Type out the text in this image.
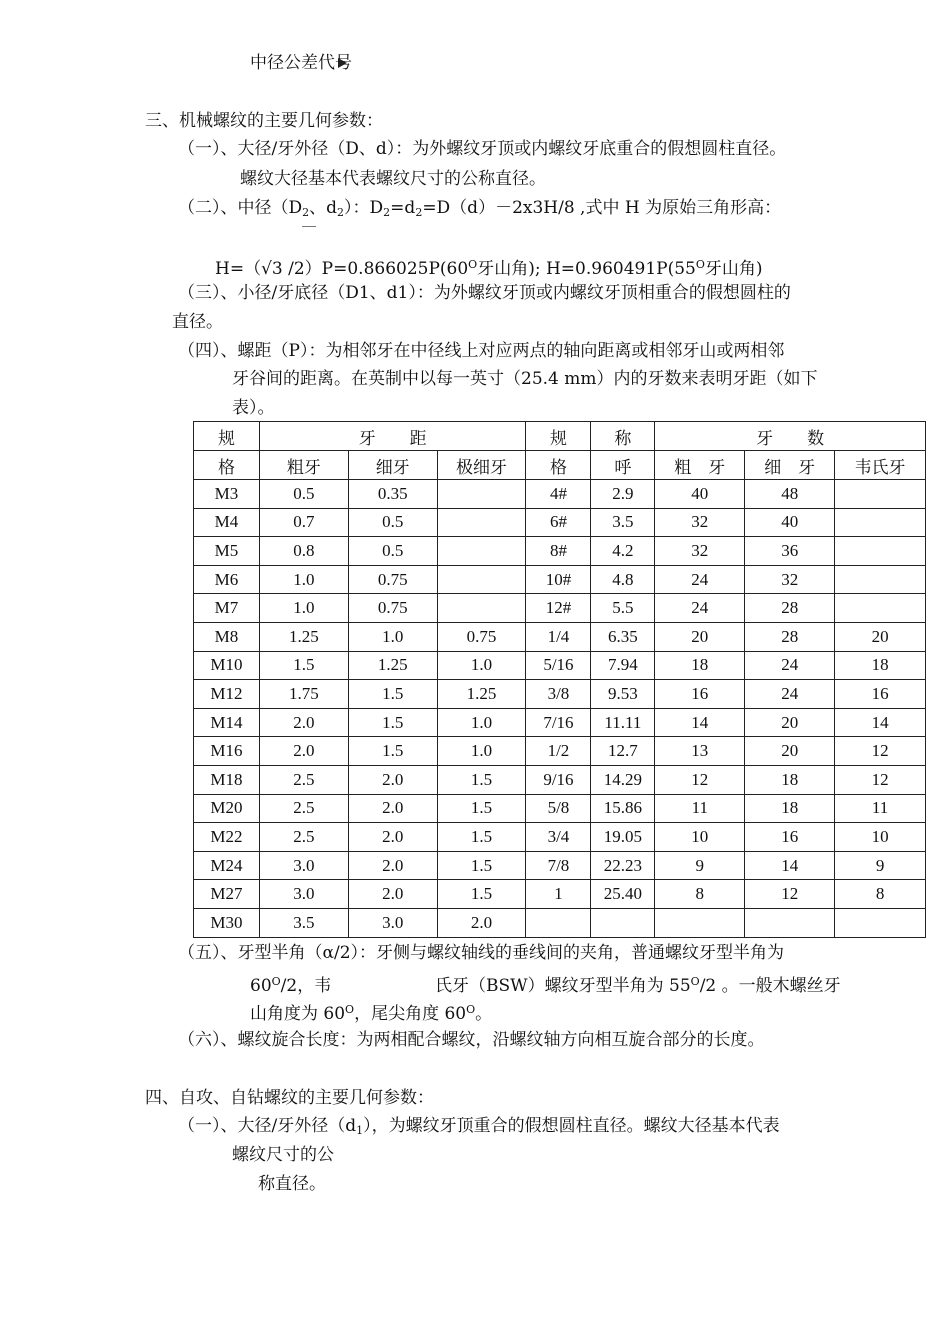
中径公差代号
三、机械螺纹的主要几何参数：
（一）、大径/牙外径（D、d）：为外螺纹牙顶或内螺纹牙底重合的假想圆柱直径。
螺纹大径基本代表螺纹尺寸的公称直径。
（二）、中径（$D_2$、$d_2$）：$D_2=d_2=D(d)-2x3H/8$ ,式中 H 为原始三角形高：
H=（√3 $/2)P=0.866025P(60^O$牙山角); $H=0.960491P(55^O$牙山角)
（三）、小径/牙底径（D1、d1）：为外螺纹牙顶或内螺纹牙顶相重合的假想圆柱的
直径。
（四）、螺距（P）：为相邻牙在中径线上对应两点的轴向距离或相邻牙山或两相邻
牙谷间的距离。在英制中以每一英寸（25.4 mm）内的牙数来表明牙距（如下
表）。
规	牙        距			规	称	牙        数		
格	粗牙	细牙	极细牙	格	呼	粗    牙	细    牙	韦氏牙
M3	0.5	0.35		4#	2.9	40	48	
M4	0.7	0.5		6#	3.5	32	40	
M5	0.8	0.5		8#	4.2	32	36	
M6	1.0	0.75		10#	4.8	24	32	
M7	1.0	0.75		12#	5.5	24	28	
M8	1.25	1.0	0.75	1/4	6.35	20	28	20
M10	1.5	1.25	1.0	5/16	7.94	18	24	18
M12	1.75	1.5	1.25	3/8	9.53	16	24	16
M14	2.0	1.5	1.0	7/16	11.11	14	20	14
M16	2.0	1.5	1.0	1/2	12.7	13	20	12
M18	2.5	2.0	1.5	9/16	14.29	12	18	12
M20	2.5	2.0	1.5	5/8	15.86	11	18	11
M22	2.5	2.0	1.5	3/4	19.05	10	16	10
M24	3.0	2.0	1.5	7/8	22.23	9	14	9
M27	3.0	2.0	1.5	1	25.40	8	12	8
M30	3.5	3.0	2.0					
（五）、牙型半角（α/2）：牙侧与螺纹轴线的垂线间的夹角，普通螺纹牙型半角为
$60^O/2$，韦	氏牙（BSW）螺纹牙型半角为 $55^O/2$ 。一般木螺丝牙
山角度为 $60^O$，尾尖角度 $60^O$。
（六）、螺纹旋合长度：为两相配合螺纹，沿螺纹轴方向相互旋合部分的长度。
四、自攻、自钻螺纹的主要几何参数：
（一）、大径/牙外径$(d_1)$，为螺纹牙顶重合的假想圆柱直径。螺纹大径基本代表
螺纹尺寸的公
称直径。
